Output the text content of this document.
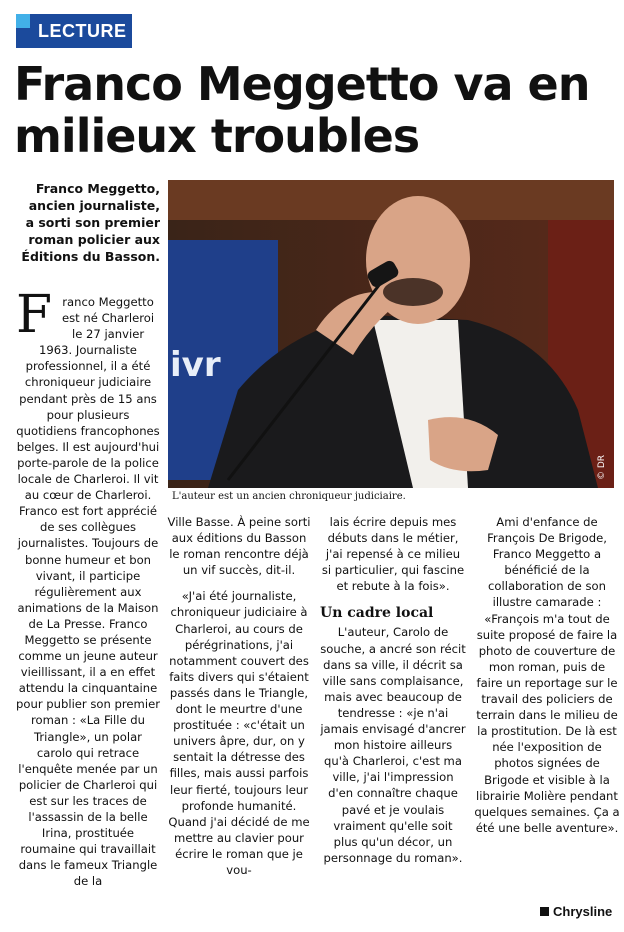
LECTURE
Franco Meggetto va en milieux troubles

Franco Meggetto, ancien journaliste, a sorti son premier roman policier aux Éditions du Basson.

ivr
© DR
L'auteur est un ancien chroniqueur judiciaire.
Franco Meggetto est né Charleroi le 27 janvier 1963. Journaliste professionnel, il a été chroniqueur judiciaire pendant près de 15 ans pour plusieurs quotidiens francophones belges. Il est aujourd'hui porte-parole de la police locale de Charleroi. Il vit au cœur de Charleroi. Franco est fort apprécié de ses collègues journalistes. Toujours de bonne humeur et bon vivant, il participe régulièrement aux animations de la Maison de La Presse. Franco Meggetto se présente comme un jeune auteur vieillissant, il a en effet attendu la cinquantaine pour publier son premier roman : «La Fille du Triangle», un polar carolo qui retrace l'enquête menée par un policier de Charleroi qui est sur les traces de l'assassin de la belle Irina, prostituée roumaine qui travaillait dans le fameux Triangle de la

Ville Basse. À peine sorti aux éditions du Basson le roman rencontre déjà un vif succès, dit-il.

«J'ai été journaliste, chroniqueur judiciaire à Charleroi, au cours de pérégrinations, j'ai notamment couvert des faits divers qui s'étaient passés dans le Triangle, dont le meurtre d'une prostituée : «c'était un univers âpre, dur, on y sentait la détresse des filles, mais aussi parfois leur fierté, toujours leur profonde humanité. Quand j'ai décidé de me mettre au clavier pour écrire le roman que je vou-

lais écrire depuis mes débuts dans le métier, j'ai repensé à ce milieu si particulier, qui fascine et rebute à la fois».

Un cadre local

L'auteur, Carolo de souche, a ancré son récit dans sa ville, il décrit sa ville sans complaisance, mais avec beaucoup de tendresse : «je n'ai jamais envisagé d'ancrer mon histoire ailleurs qu'à Charleroi, c'est ma ville, j'ai l'impression d'en connaître chaque pavé et je voulais vraiment qu'elle soit plus qu'un décor, un personnage du roman».

Ami d'enfance de François De Brigode, Franco Meggetto a bénéficié de la collaboration de son illustre camarade : «François m'a tout de suite proposé de faire la photo de couverture de mon roman, puis de faire un reportage sur le travail des policiers de terrain dans le milieu de la prostitution. De là est née l'exposition de photos signées de Brigode et visible à la librairie Molière pendant quelques semaines. Ça a été une belle aventure».

Chrysline
